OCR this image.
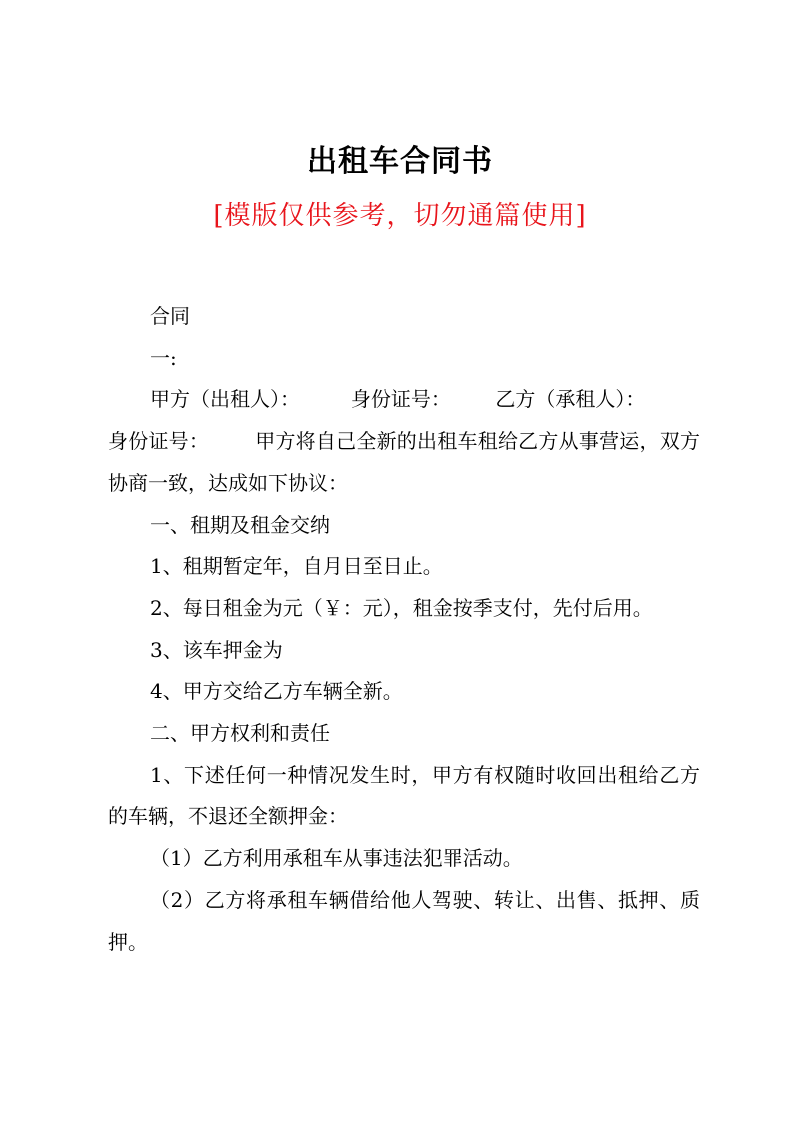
出租车合同书
[模版仅供参考，切勿通篇使用]

合同

一:

甲方（出租人）：        身份证号：       乙方（承租人）：

身份证号：       甲方将自己全新的出租车租给乙方从事营运，双方协商一致，达成如下协议：

一、租期及租金交纳

1、租期暂定年，自月日至日止。

2、每日租金为元（￥：元），租金按季支付，先付后用。

3、该车押金为

4、甲方交给乙方车辆全新。

二、甲方权利和责任

1、下述任何一种情况发生时，甲方有权随时收回出租给乙方的车辆，不退还全额押金：

（1）乙方利用承租车从事违法犯罪活动。

（2）乙方将承租车辆借给他人驾驶、转让、出售、抵押、质押。
